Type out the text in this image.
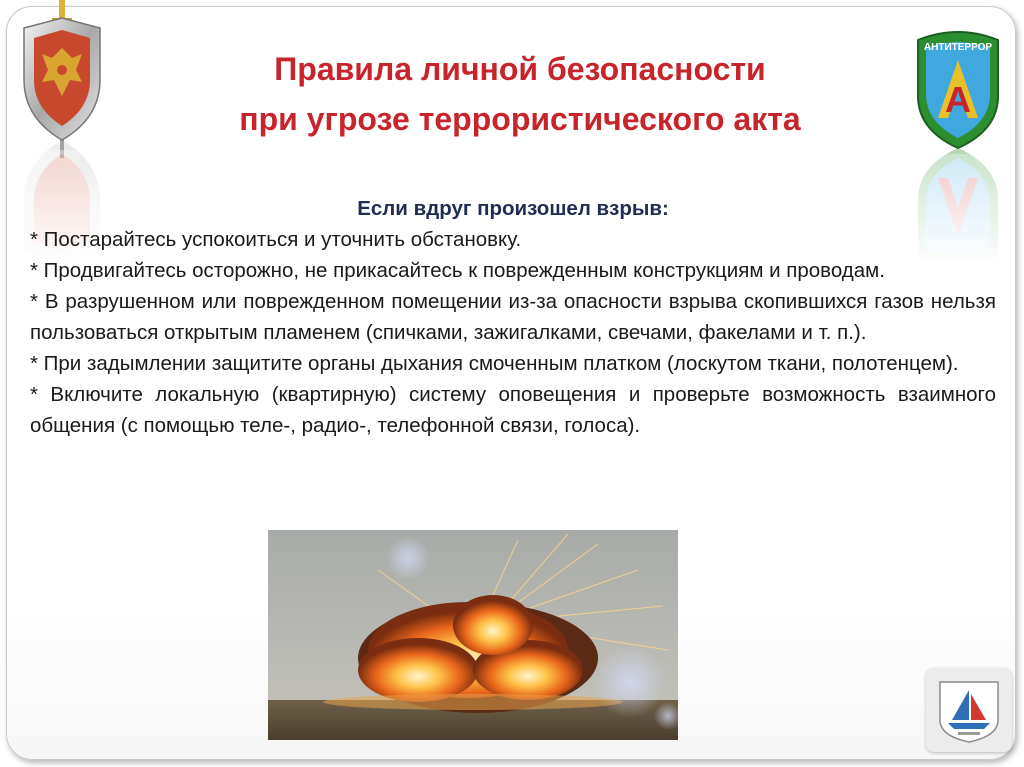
АНТИТЕРРОР
А
Правила личной безопасности
при угрозе террористического акта

Если вдруг произошел взрыв:

* Постарайтесь успокоиться и уточнить обстановку.

* Продвигайтесь осторожно, не прикасайтесь к поврежденным конструкциям и проводам.

* В разрушенном или поврежденном помещении из-за опасности взрыва скопившихся газов нельзя пользоваться открытым пламенем (спичками, зажигалками, свечами, факелами и т. п.).

* При задымлении защитите органы дыхания смоченным платком (лоскутом ткани, полотенцем).

* Включите локальную (квартирную) систему оповещения и проверьте возможность взаимного общения (с помощью теле-, радио-, телефонной связи, голоса).
